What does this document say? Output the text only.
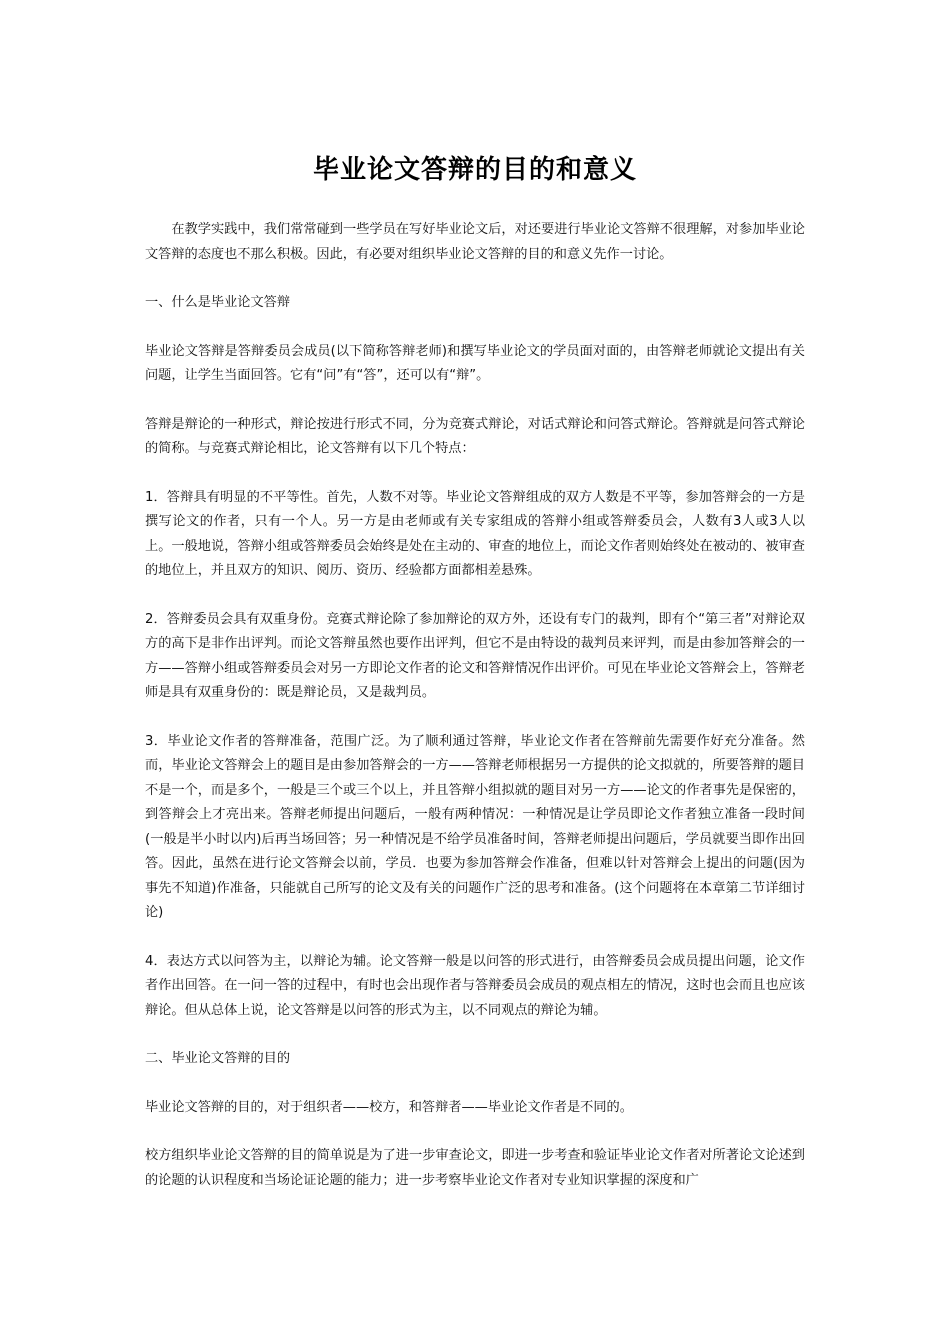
毕业论文答辩的目的和意义

在教学实践中，我们常常碰到一些学员在写好毕业论文后，对还要进行毕业论文答辩不很理解，对参加毕业论文答辩的态度也不那么积极。因此，有必要对组织毕业论文答辩的目的和意义先作一讨论。

一、什么是毕业论文答辩

毕业论文答辩是答辩委员会成员(以下简称答辩老师)和撰写毕业论文的学员面对面的，由答辩老师就论文提出有关问题，让学生当面回答。它有“问”有“答”，还可以有“辩”。

答辩是辩论的一种形式，辩论按进行形式不同，分为竞赛式辩论，对话式辩论和问答式辩论。答辩就是问答式辩论的简称。与竞赛式辩论相比，论文答辩有以下几个特点：

1．答辩具有明显的不平等性。首先，人数不对等。毕业论文答辩组成的双方人数是不平等，参加答辩会的一方是撰写论文的作者，只有一个人。另一方是由老师或有关专家组成的答辩小组或答辩委员会，人数有3人或3人以上。一般地说，答辩小组或答辩委员会始终是处在主动的、审查的地位上，而论文作者则始终处在被动的、被审查的地位上，并且双方的知识、阅历、资历、经验都方面都相差悬殊。

2．答辩委员会具有双重身份。竞赛式辩论除了参加辩论的双方外，还设有专门的裁判，即有个“第三者”对辩论双方的高下是非作出评判。而论文答辩虽然也要作出评判，但它不是由特设的裁判员来评判，而是由参加答辩会的一方——答辩小组或答辩委员会对另一方即论文作者的论文和答辩情况作出评价。可见在毕业论文答辩会上，答辩老师是具有双重身份的：既是辩论员，又是裁判员。

3．毕业论文作者的答辩准备，范围广泛。为了顺利通过答辩，毕业论文作者在答辩前先需要作好充分准备。然而，毕业论文答辩会上的题目是由参加答辩会的一方——答辩老师根据另一方提供的论文拟就的，所要答辩的题目不是一个，而是多个，一般是三个或三个以上，并且答辩小组拟就的题目对另一方——论文的作者事先是保密的，到答辩会上才亮出来。答辩老师提出问题后，一般有两种情况：一种情况是让学员即论文作者独立准备一段时间(一般是半小时以内)后再当场回答；另一种情况是不给学员准备时间，答辩老师提出问题后，学员就要当即作出回答。因此，虽然在进行论文答辩会以前，学员．也要为参加答辩会作准备，但难以针对答辩会上提出的问题(因为事先不知道)作准备，只能就自己所写的论文及有关的问题作广泛的思考和准备。(这个问题将在本章第二节详细讨论)

4．表达方式以问答为主，以辩论为辅。论文答辩一般是以问答的形式进行，由答辩委员会成员提出问题，论文作者作出回答。在一问一答的过程中，有时也会出现作者与答辩委员会成员的观点相左的情况，这时也会而且也应该辩论。但从总体上说，论文答辩是以问答的形式为主，以不同观点的辩论为辅。

二、毕业论文答辩的目的

毕业论文答辩的目的，对于组织者——校方，和答辩者——毕业论文作者是不同的。

校方组织毕业论文答辩的目的简单说是为了进一步审查论文，即进一步考查和验证毕业论文作者对所著论文论述到的论题的认识程度和当场论证论题的能力；进一步考察毕业论文作者对专业知识掌握的深度和广
